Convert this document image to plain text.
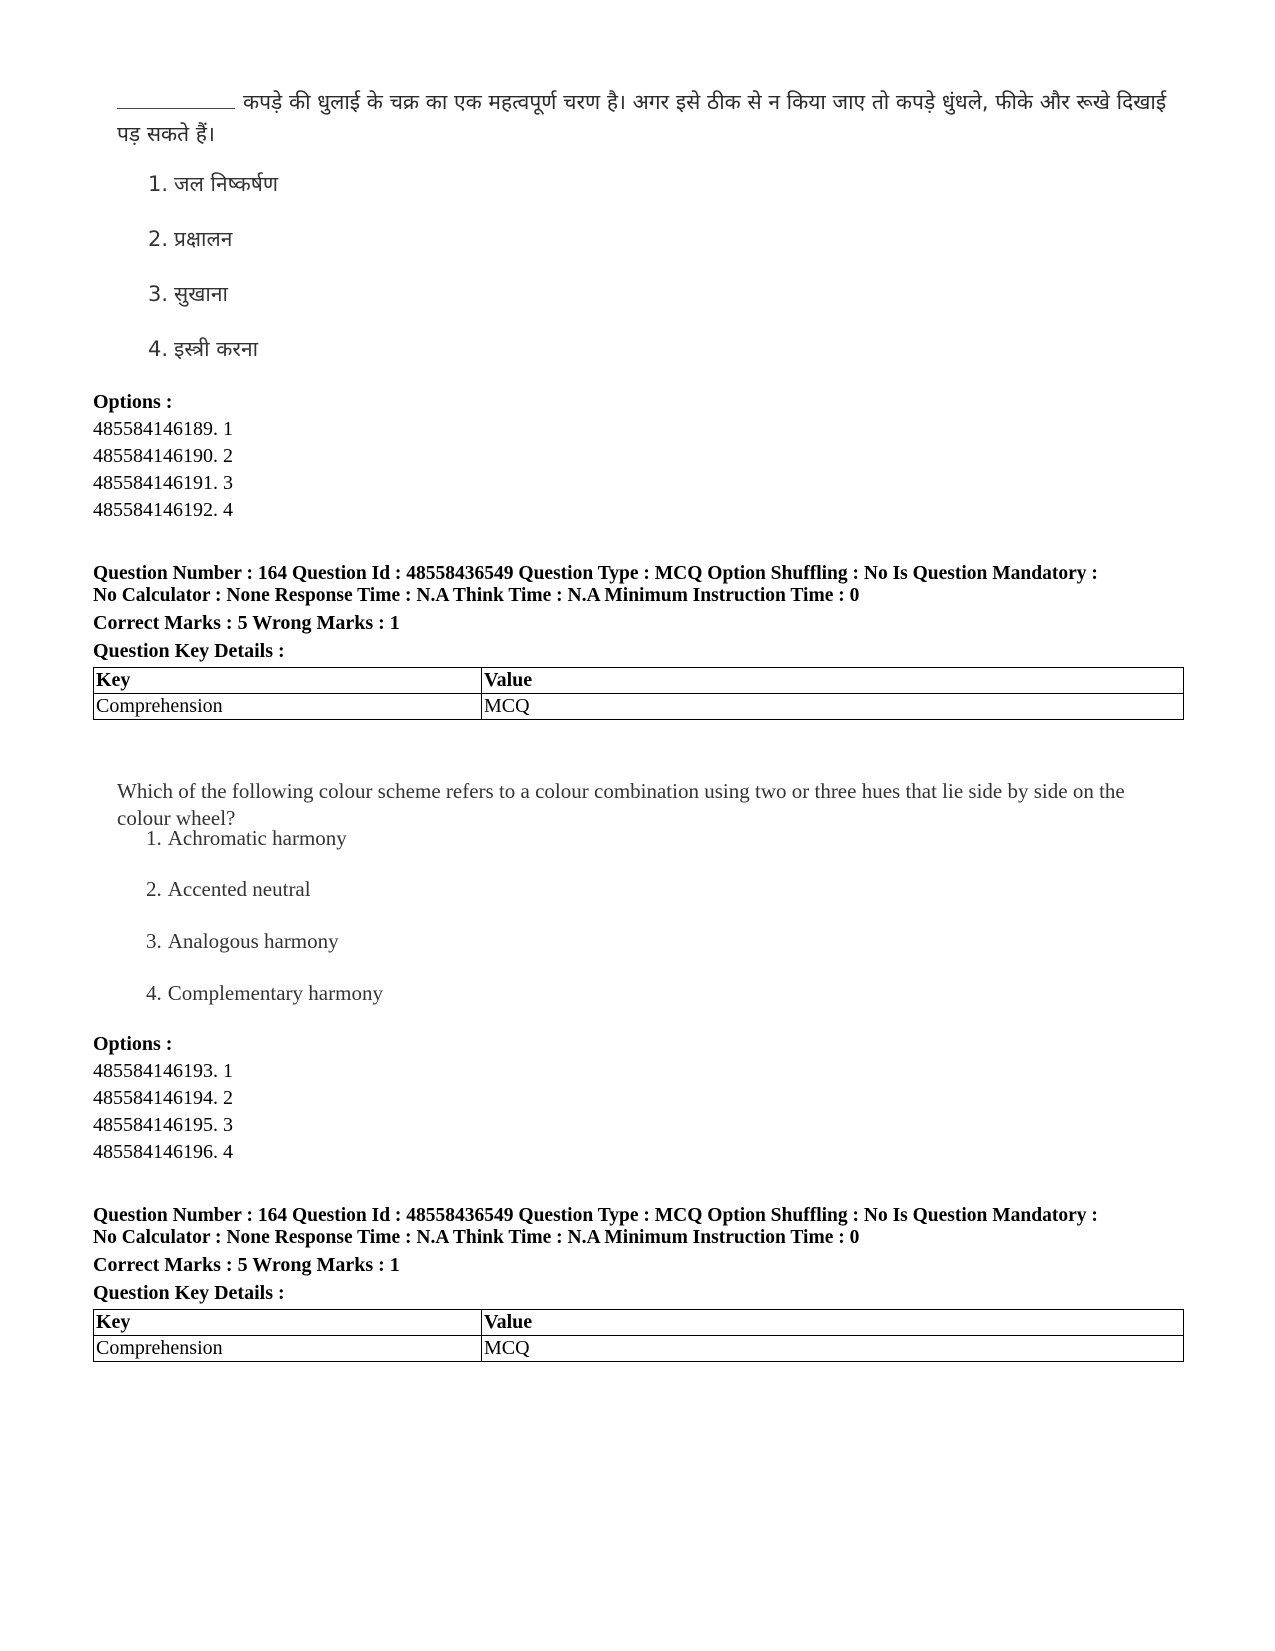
कपड़े की धुलाई के चक्र का एक महत्वपूर्ण चरण है। अगर इसे ठीक से न किया जाए तो कपड़े धुंधले, फीके और रूखे दिखाई पड़ सकते हैं।
1. जल निष्कर्षण
2. प्रक्षालन
3. सुखाना
4. इस्त्री करना
Options :
485584146189. 1
485584146190. 2
485584146191. 3
485584146192. 4
Question Number : 164 Question Id : 48558436549 Question Type : MCQ Option Shuffling : No Is Question Mandatory :
No Calculator : None Response Time : N.A Think Time : N.A Minimum Instruction Time : 0
Correct Marks : 5 Wrong Marks : 1
Question Key Details :
Key	Value
Comprehension	MCQ
Which of the following colour scheme refers to a colour combination using two or three hues that lie side by side on the colour wheel?
1. Achromatic harmony
2. Accented neutral
3. Analogous harmony
4. Complementary harmony
Options :
485584146193. 1
485584146194. 2
485584146195. 3
485584146196. 4
Question Number : 164 Question Id : 48558436549 Question Type : MCQ Option Shuffling : No Is Question Mandatory :
No Calculator : None Response Time : N.A Think Time : N.A Minimum Instruction Time : 0
Correct Marks : 5 Wrong Marks : 1
Question Key Details :
Key	Value
Comprehension	MCQ
